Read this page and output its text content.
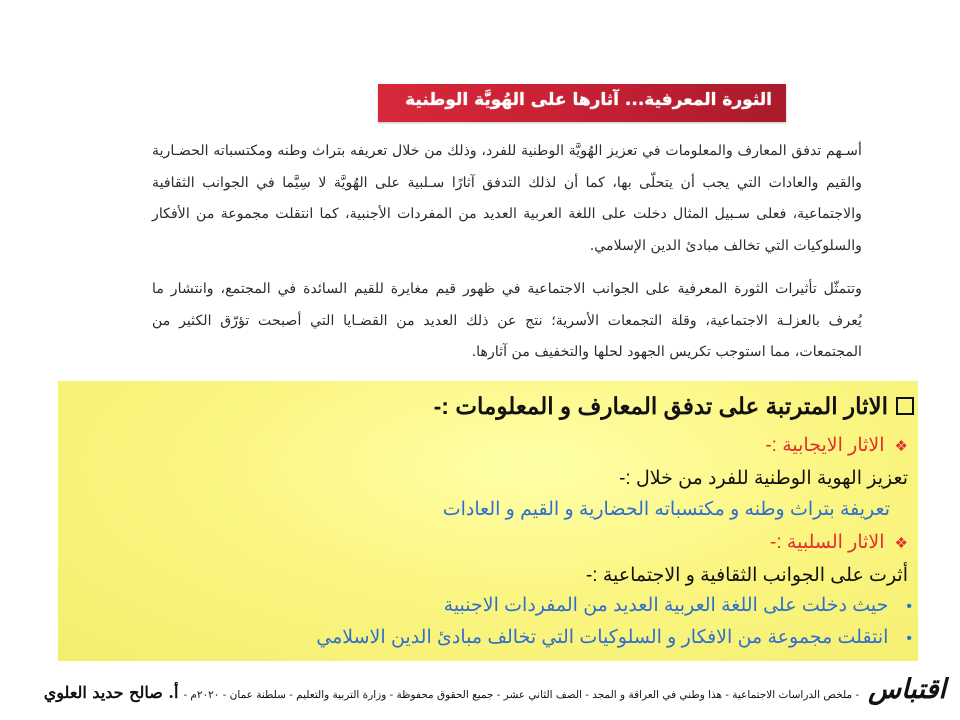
الثورة المعرفية... آثارها على الهُويَّة الوطنية

أسـهم تدفق المعارف والمعلومات في تعزيز الهُويَّة الوطنية للفرد، وذلك من خلال تعريفه بتراث وطنه ومكتسباته الحضـارية والقيم والعادات التي يجب أن يتحلّى بها، كما أن لذلك التدفق آثارًا سـلبية على الهُويَّة لا سِيَّما في الجوانب الثقافية والاجتماعية، فعلى سـبيل المثال دخلت على اللغة العربية العديد من المفردات الأجنبية، كما انتقلت مجموعة من الأفكار والسلوكيات التي تخالف مبادئ الدين الإسلامي.

وتتمثّل تأثيرات الثورة المعرفية على الجوانب الاجتماعية في ظهور قيم مغايرة للقيم السائدة في المجتمع، وانتشار ما يُعرف بالعزلـة الاجتماعية، وقلة التجمعات الأسرية؛ نتج عن ذلك العديد من القضـايا التي أصبحت تؤرّق الكثير من المجتمعات، مما استوجب تكريس الجهود لحلها والتخفيف من آثارها.

الاثار المترتبة على تدفق المعارف و المعلومات :-
❖الاثار الايجابية :-
تعزيز الهوية الوطنية للفرد من خلال :-
تعريفة بتراث وطنه و مكتسباته الحضارية و القيم و العادات
❖الاثار السلبية :-
أثرت على الجوانب الثقافية و الاجتماعية :-
•حيث دخلت على اللغة العربية العديد من المفردات الاجنبية
•انتقلت مجموعة من الافكار و السلوكيات التي تخالف مبادئ الدين الاسلامي
اقتباس - ملخص الدراسات الاجتماعية - هذا وطني في العراقة و المجد - الصف الثاني عشر - جميع الحقوق محفوظة - وزارة التربية والتعليم - سلطنة عمان - ٢٠٢٠م - أ. صالح حديد العلوي
